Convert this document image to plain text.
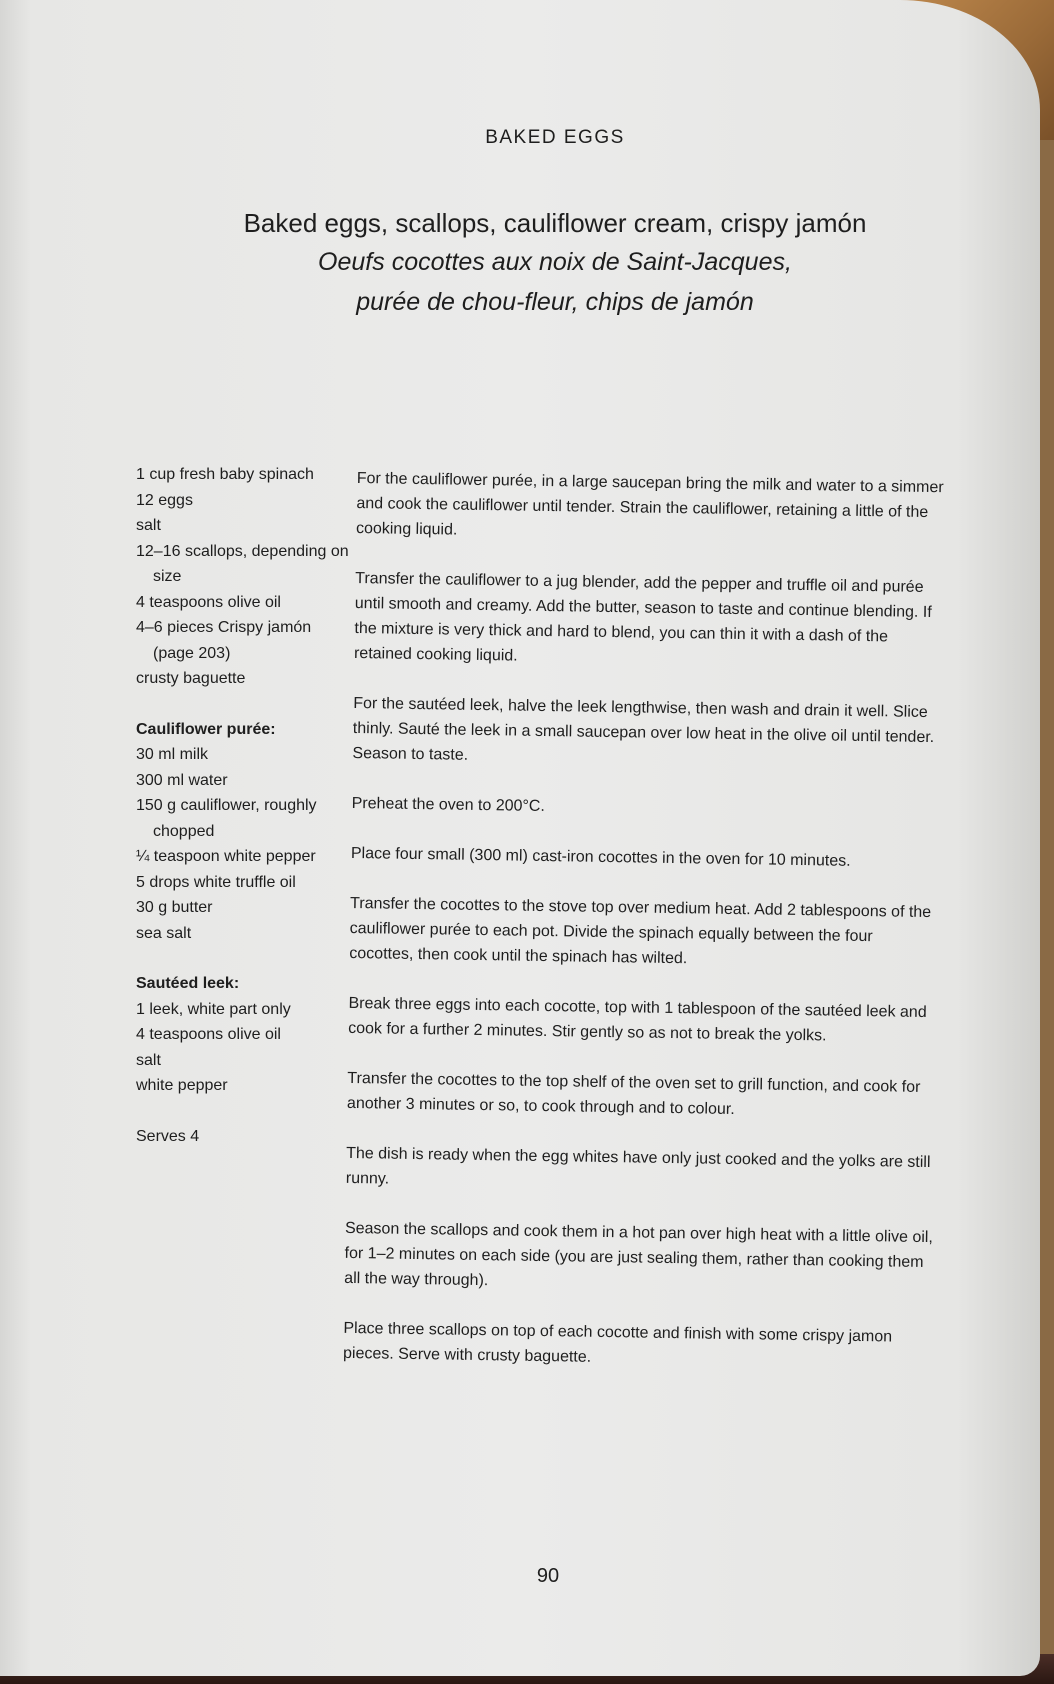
BAKED EGGS
Baked eggs, scallops, cauliflower cream, crispy jamón
Oeufs cocottes aux noix de Saint-Jacques,
purée de chou-fleur, chips de jamón
1 cup fresh baby spinach
12 eggs
salt
12–16 scallops, depending on size
4 teaspoons olive oil
4–6 pieces Crispy jamón (page 203)
crusty baguette
Cauliflower purée:
30 ml milk
300 ml water
150 g cauliflower, roughly chopped
¼ teaspoon white pepper
5 drops white truffle oil
30 g butter
sea salt
Sautéed leek:
1 leek, white part only
4 teaspoons olive oil
salt
white pepper
Serves 4

For the cauliflower purée, in a large saucepan bring the milk and water to a simmer and cook the cauliflower until tender. Strain the cauliflower, retaining a little of the cooking liquid.

Transfer the cauliflower to a jug blender, add the pepper and truffle oil and purée until smooth and creamy. Add the butter, season to taste and continue blending. If the mixture is very thick and hard to blend, you can thin it with a dash of the retained cooking liquid.

For the sautéed leek, halve the leek lengthwise, then wash and drain it well. Slice thinly. Sauté the leek in a small saucepan over low heat in the olive oil until tender. Season to taste.

Preheat the oven to 200°C.

Place four small (300 ml) cast-iron cocottes in the oven for 10 minutes.

Transfer the cocottes to the stove top over medium heat. Add 2 tablespoons of the cauliflower purée to each pot. Divide the spinach equally between the four cocottes, then cook until the spinach has wilted.

Break three eggs into each cocotte, top with 1 tablespoon of the sautéed leek and cook for a further 2 minutes. Stir gently so as not to break the yolks.

Transfer the cocottes to the top shelf of the oven set to grill function, and cook for another 3 minutes or so, to cook through and to colour.

The dish is ready when the egg whites have only just cooked and the yolks are still runny.

Season the scallops and cook them in a hot pan over high heat with a little olive oil, for 1–2 minutes on each side (you are just sealing them, rather than cooking them all the way through).

Place three scallops on top of each cocotte and finish with some crispy jamon pieces. Serve with crusty baguette.

90
